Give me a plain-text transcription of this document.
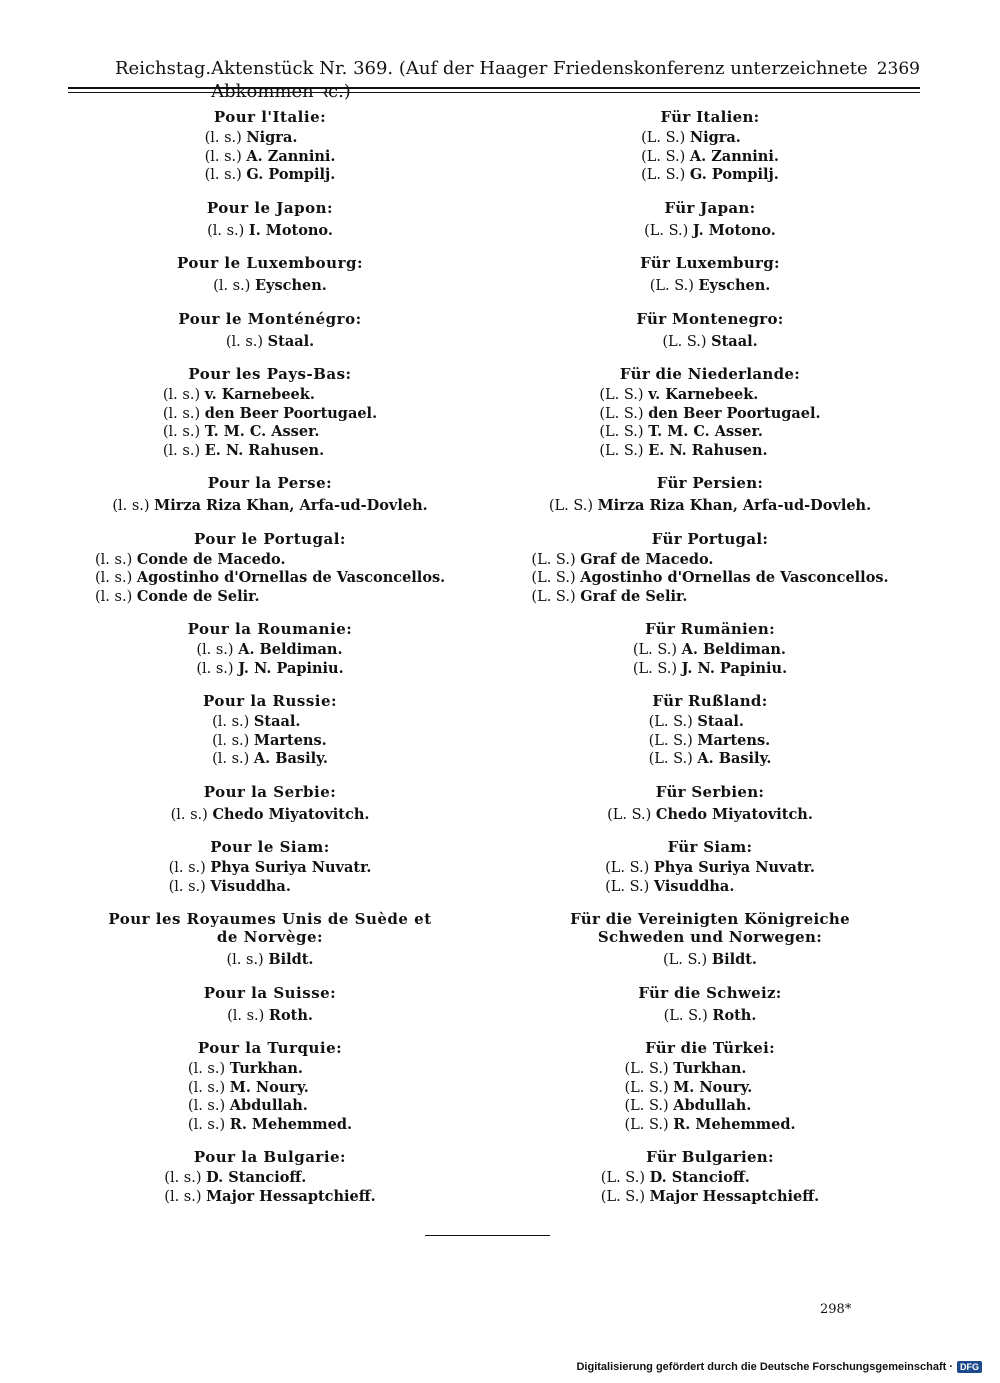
Reichstag. Aktenstück Nr. 369. (Auf der Haager Friedenskonferenz unterzeichnete Abkommen ꝛc.)
2369
Pour l'Italie:
(l. s.) Nigra.
(l. s.) A. Zannini.
(l. s.) G. Pompilj.
Pour le Japon:
(l. s.) I. Motono.
Pour le Luxembourg:
(l. s.) Eyschen.
Pour le Monténégro:
(l. s.) Staal.
Pour les Pays-Bas:
(l. s.) v. Karnebeek.
(l. s.) den Beer Poortugael.
(l. s.) T. M. C. Asser.
(l. s.) E. N. Rahusen.
Pour la Perse:
(l. s.) Mirza Riza Khan, Arfa-ud-Dovleh.
Pour le Portugal:
(l. s.) Conde de Macedo.
(l. s.) Agostinho d'Ornellas de Vasconcellos.
(l. s.) Conde de Selir.
Pour la Roumanie:
(l. s.) A. Beldiman.
(l. s.) J. N. Papiniu.
Pour la Russie:
(l. s.) Staal.
(l. s.) Martens.
(l. s.) A. Basily.
Pour la Serbie:
(l. s.) Chedo Miyatovitch.
Pour le Siam:
(l. s.) Phya Suriya Nuvatr.
(l. s.) Visuddha.
Pour les Royaumes Unis de Suède et de Norvège:
(l. s.) Bildt.
Pour la Suisse:
(l. s.) Roth.
Pour la Turquie:
(l. s.) Turkhan.
(l. s.) M. Noury.
(l. s.) Abdullah.
(l. s.) R. Mehemmed.
Pour la Bulgarie:
(l. s.) D. Stancioff.
(l. s.) Major Hessaptchieff.
Für Italien:
(L. S.) Nigra.
(L. S.) A. Zannini.
(L. S.) G. Pompilj.
Für Japan:
(L. S.) J. Motono.
Für Luxemburg:
(L. S.) Eyschen.
Für Montenegro:
(L. S.) Staal.
Für die Niederlande:
(L. S.) v. Karnebeek.
(L. S.) den Beer Poortugael.
(L. S.) T. M. C. Asser.
(L. S.) E. N. Rahusen.
Für Persien:
(L. S.) Mirza Riza Khan, Arfa-ud-Dovleh.
Für Portugal:
(L. S.) Graf de Macedo.
(L. S.) Agostinho d'Ornellas de Vasconcellos.
(L. S.) Graf de Selir.
Für Rumänien:
(L. S.) A. Beldiman.
(L. S.) J. N. Papiniu.
Für Rußland:
(L. S.) Staal.
(L. S.) Martens.
(L. S.) A. Basily.
Für Serbien:
(L. S.) Chedo Miyatovitch.
Für Siam:
(L. S.) Phya Suriya Nuvatr.
(L. S.) Visuddha.
Für die Vereinigten Königreiche Schweden und Norwegen:
(L. S.) Bildt.
Für die Schweiz:
(L. S.) Roth.
Für die Türkei:
(L. S.) Turkhan.
(L. S.) M. Noury.
(L. S.) Abdullah.
(L. S.) R. Mehemmed.
Für Bulgarien:
(L. S.) D. Stancioff.
(L. S.) Major Hessaptchieff.
298*
Digitalisierung gefördert durch die Deutsche Forschungsgemeinschaft · DFG
